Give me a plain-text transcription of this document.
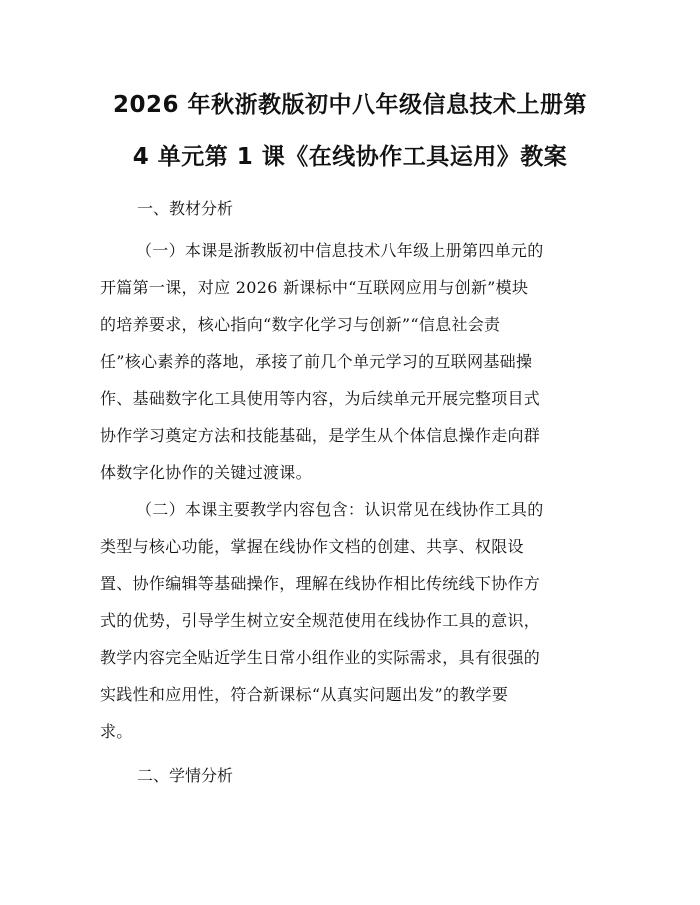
2026 年秋浙教版初中八年级信息技术上册第
4 单元第 1 课《在线协作工具运用》教案
一、教材分析
（一）本课是浙教版初中信息技术八年级上册第四单元的
开篇第一课，对应 2026 新课标中“互联网应用与创新”模块
的培养要求，核心指向“数字化学习与创新”“信息社会责
任”核心素养的落地，承接了前几个单元学习的互联网基础操
作、基础数字化工具使用等内容，为后续单元开展完整项目式
协作学习奠定方法和技能基础，是学生从个体信息操作走向群
体数字化协作的关键过渡课。
（二）本课主要教学内容包含：认识常见在线协作工具的
类型与核心功能，掌握在线协作文档的创建、共享、权限设
置、协作编辑等基础操作，理解在线协作相比传统线下协作方
式的优势，引导学生树立安全规范使用在线协作工具的意识，
教学内容完全贴近学生日常小组作业的实际需求，具有很强的
实践性和应用性，符合新课标“从真实问题出发”的教学要
求。
二、学情分析
